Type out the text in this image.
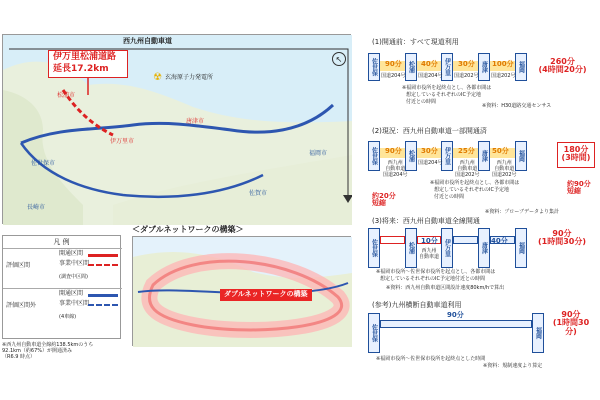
西九州自動車道
伊万里松浦道路
延長17.2km
☢ 玄海原子力発電所
佐世保市
松浦市
伊万里市
唐津市
福岡市
佐賀市
長崎市
↖
凡 例
評価区間
開通区間
事業中区間
(調査中区間)
評価区間外
開通区間
事業中区間
(4車線)
※西九州自動車道全線約138.5kmのうち
92.1km（約67%）が開通済み
（R6.9 時点）
＜ダブルネットワークの構築＞
ダブルネットワークの構築
(1)開通前：すべて現道利用
佐世保	松浦	伊万里	唐津	福岡
90分	40分	30分 100分
国道204号 国道204号 国道202号 国道202号
260分
(4時間20分)
※福岡市役所を起終点とし、各都市間は
想定しているそれぞれのIC予定地
付近との時間
※資料：H30道路交通センサス
(2)現況：西九州自動車道一部開通済
佐世保	松浦	伊万里	唐津	福岡
90分	30分	25分 50分
西九州
自動車道
国道204号
国道204号	西九州
自動車道
国道202号
西九州
自動車道
国道202号
180分
(3時間)
約20分
短縮
約90分
短縮
※福岡市役所を起終点とし、各都市間は
想定しているそれぞれのIC予定地
付近との時間
※資料：プローブデータより集計
(3)将来：西九州自動車道全線開通
佐世保	松浦	伊万里	唐津	福岡
10分	40分
西九州
自動車道
90分
(1時間30分)
※福岡市役所～佐世保市役所を起点とし、各都市間は
想定しているそれぞれのIC予定地付近との時間
※資料：西九州自動車道区間設計速度80km/hで算出
(参考)九州横断自動車道利用
佐世保	福岡
90分	90分
(1時間30分)
※福岡市役所～佐世保市役所を起終点とした時間
※資料：規制速度より算定
